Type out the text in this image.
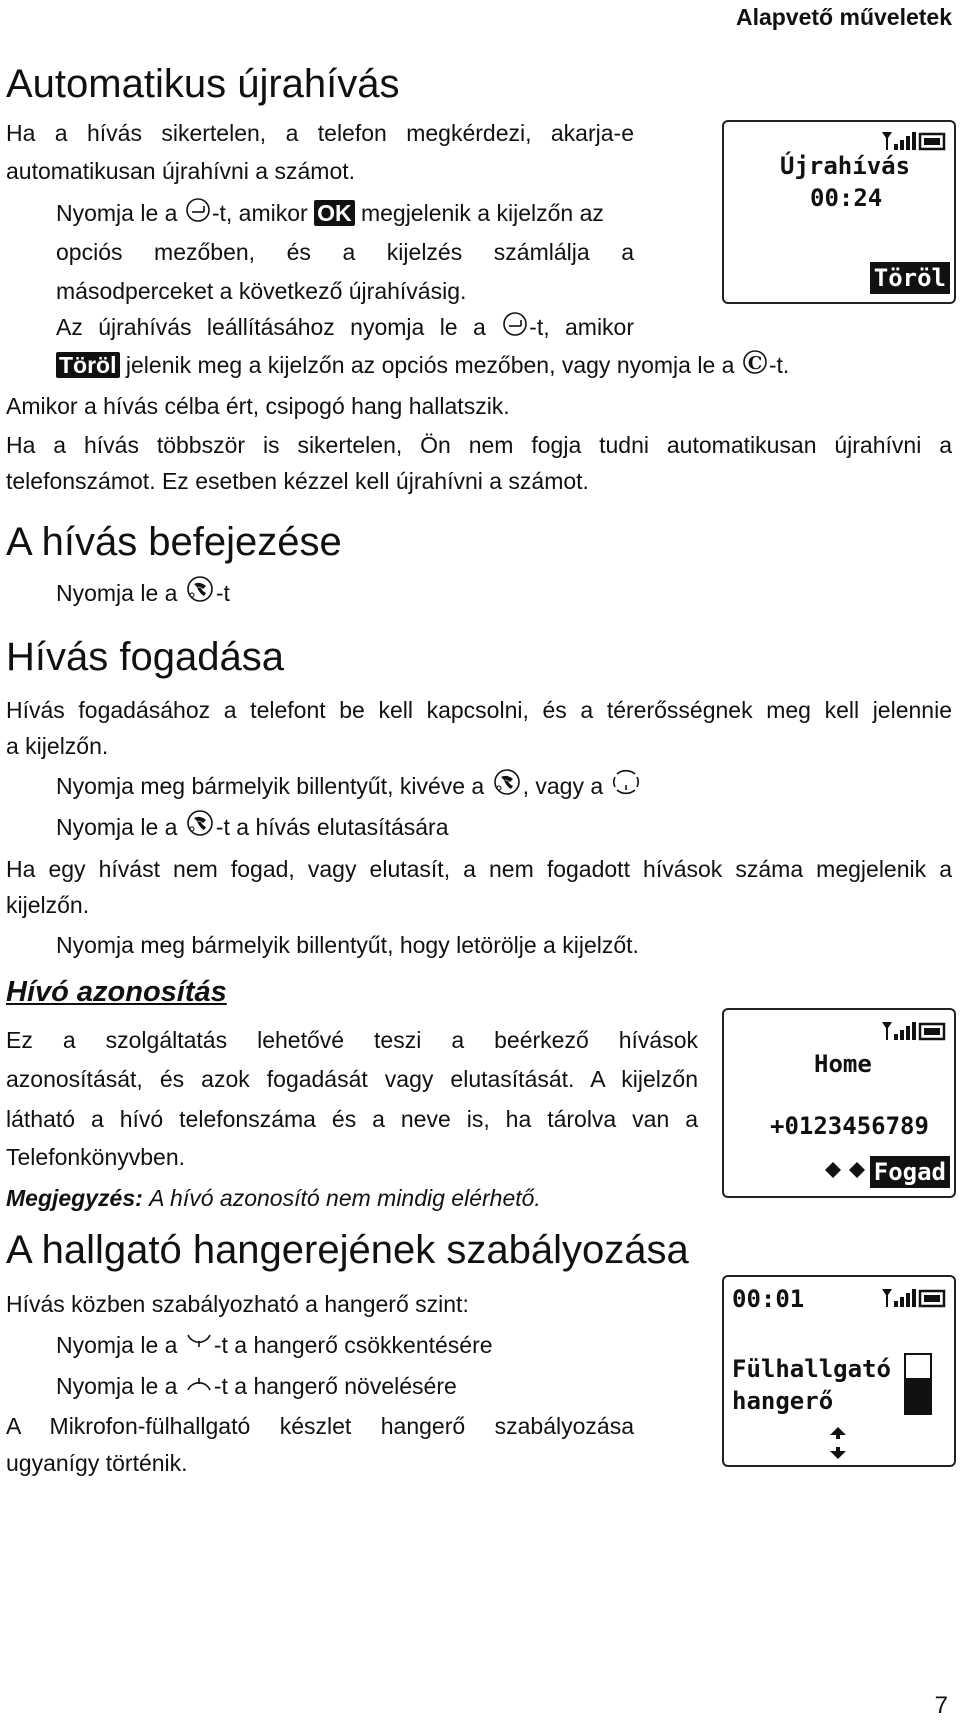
Alapvető műveletek
Automatikus újrahívás
Ha a hívás sikertelen, a telefon megkérdezi, akarja-e
automatikusan újrahívni a számot.
Nyomja le a -t, amikor OK megjelenik a kijelzőn az
opciós mezőben, és a kijelzés számlálja a
másodperceket a következő újrahívásig.
Az újrahívás leállításához nyomja le a -t, amikor
Töröl jelenik meg a kijelzőn az opciós mezőben, vagy nyomja le a C -t.
Amikor a hívás célba ért, csipogó hang hallatszik.
Ha a hívás többször is sikertelen, Ön nem fogja tudni automatikusan újrahívni a
telefonszámot. Ez esetben kézzel kell újrahívni a számot.
Újrahívás
00:24
Töröl
A hívás befejezése
Nyomja le a -t
Hívás fogadása
Hívás fogadásához a telefont be kell kapcsolni, és a térerősségnek meg kell jelennie
a kijelzőn.
Nyomja meg bármelyik billentyűt, kivéve a , vagy a
Nyomja le a -t a hívás elutasítására
Ha egy hívást nem fogad, vagy elutasít, a nem fogadott hívások száma megjelenik a
kijelzőn.
Nyomja meg bármelyik billentyűt, hogy letörölje a kijelzőt.
Hívó azonosítás
Ez a szolgáltatás lehetővé teszi a beérkező hívások
azonosítását, és azok fogadását vagy elutasítását. A kijelzőn
látható a hívó telefonszáma és a neve is, ha tárolva van a
Telefonkönyvben.
Megjegyzés: A hívó azonosító nem mindig elérhető.
Home
+0123456789
Fogad
A hallgató hangerejének szabályozása
Hívás közben szabályozható a hangerő szint:
Nyomja le a -t a hangerő csökkentésére
Nyomja le a -t a hangerő növelésére
A Mikrofon-fülhallgató készlet hangerő szabályozása
ugyanígy történik.
00:01
Fülhallgató
hangerő
7
